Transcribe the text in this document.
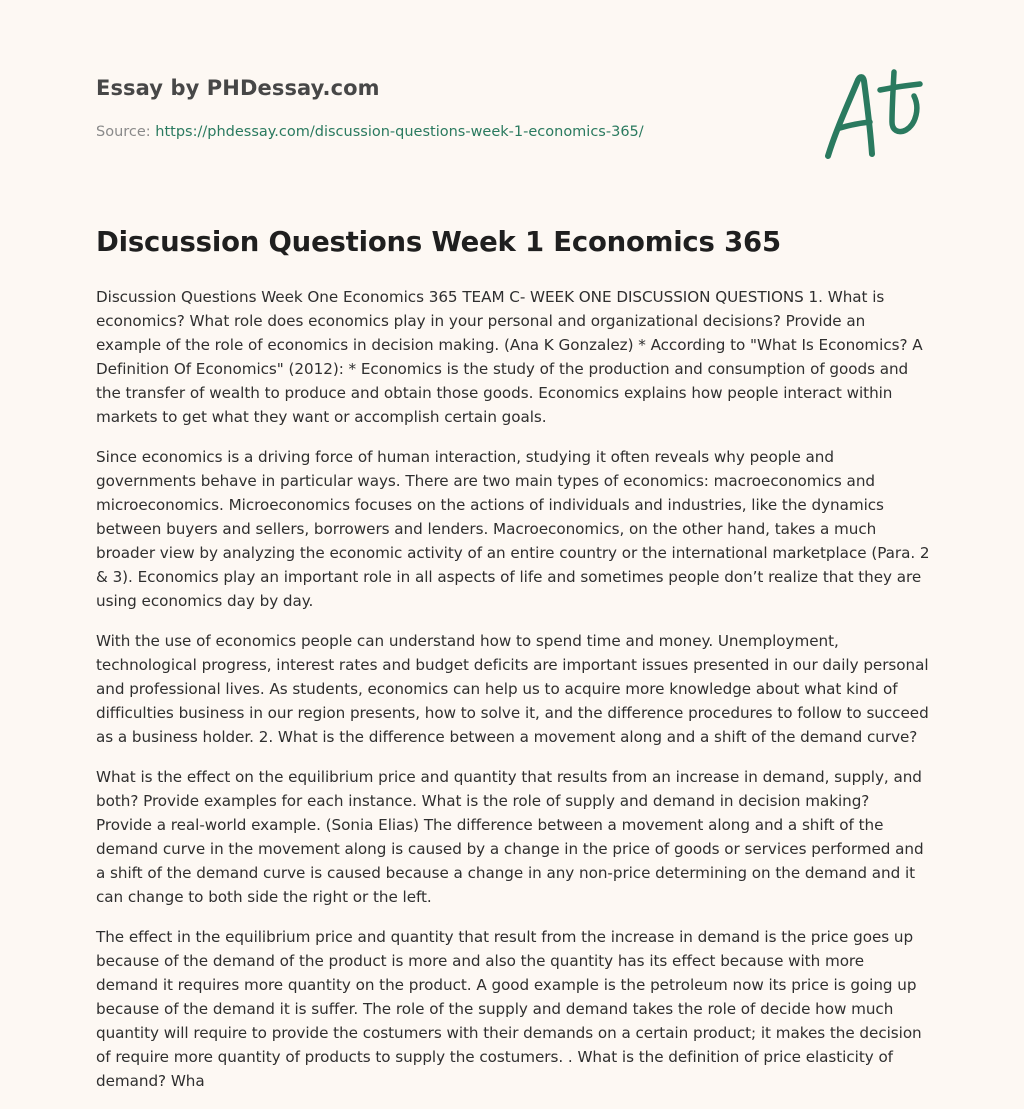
Essay by PHDessay.com
Source: https://phdessay.com/discussion-questions-week-1-economics-365/
Discussion Questions Week 1 Economics 365

Discussion Questions Week One Economics 365 TEAM C- WEEK ONE DISCUSSION QUESTIONS 1. What is economics? What role does economics play in your personal and organizational decisions? Provide an example of the role of economics in decision making. (Ana K Gonzalez) * According to "What Is Economics? A Definition Of Economics" (2012): * Economics is the study of the production and consumption of goods and the transfer of wealth to produce and obtain those goods. Economics explains how people interact within markets to get what they want or accomplish certain goals.

Since economics is a driving force of human interaction, studying it often reveals why people and governments behave in particular ways. There are two main types of economics: macroeconomics and microeconomics. Microeconomics focuses on the actions of individuals and industries, like the dynamics between buyers and sellers, borrowers and lenders. Macroeconomics, on the other hand, takes a much broader view by analyzing the economic activity of an entire country or the international marketplace (Para. 2 & 3). Economics play an important role in all aspects of life and sometimes people don’t realize that they are using economics day by day.

With the use of economics people can understand how to spend time and money. Unemployment, technological progress, interest rates and budget deficits are important issues presented in our daily personal and professional lives. As students, economics can help us to acquire more knowledge about what kind of difficulties business in our region presents, how to solve it, and the difference procedures to follow to succeed as a business holder. 2. What is the difference between a movement along and a shift of the demand curve?

What is the effect on the equilibrium price and quantity that results from an increase in demand, supply, and both? Provide examples for each instance. What is the role of supply and demand in decision making? Provide a real-world example. (Sonia Elias) The difference between a movement along and a shift of the demand curve in the movement along is caused by a change in the price of goods or services performed and a shift of the demand curve is caused because a change in any non-price determining on the demand and it can change to both side the right or the left.

The effect in the equilibrium price and quantity that result from the increase in demand is the price goes up because of the demand of the product is more and also the quantity has its effect because with more demand it requires more quantity on the product. A good example is the petroleum now its price is going up because of the demand it is suffer. The role of the supply and demand takes the role of decide how much quantity will require to provide the costumers with their demands on a certain product; it makes the decision of require more quantity of products to supply the costumers. . What is the definition of price elasticity of demand? Wha
